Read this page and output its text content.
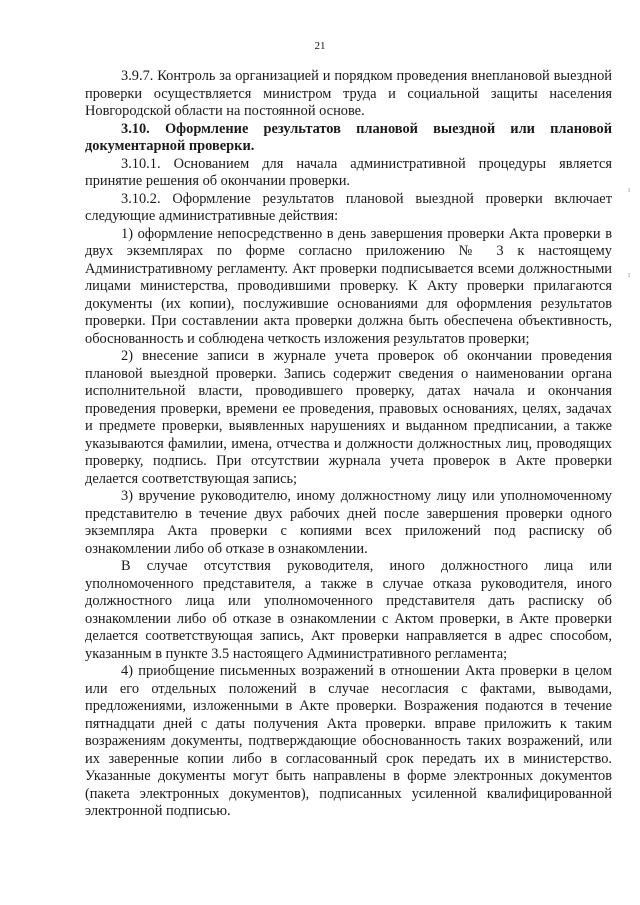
21

3.9.7. Контроль за организацией и порядком проведения внеплановой выездной проверки осуществляется министром труда и социальной защиты населения Новгородской области на постоянной основе.

3.10. Оформление результатов плановой выездной или плановой документарной проверки.

3.10.1. Основанием для начала административной процедуры является принятие решения об окончании проверки.

3.10.2. Оформление результатов плановой выездной проверки включает следующие административные действия:

1) оформление непосредственно в день завершения проверки Акта проверки в двух экземплярах по форме согласно приложению № 3 к настоящему Административному регламенту. Акт проверки подписывается всеми должностными лицами министерства, проводившими проверку. К Акту проверки прилагаются документы (их копии), послужившие основаниями для оформления результатов проверки. При составлении акта проверки должна быть обеспечена объективность, обоснованность и соблюдена четкость изложения результатов проверки;

2) внесение записи в журнале учета проверок об окончании проведения плановой выездной проверки. Запись содержит сведения о наименовании органа исполнительной власти, проводившего проверку, датах начала и окончания проведения проверки, времени ее проведения, правовых основаниях, целях, задачах и предмете проверки, выявленных нарушениях и выданном предписании, а также указываются фамилии, имена, отчества и должности должностных лиц, проводящих проверку, подпись. При отсутствии журнала учета проверок в Акте проверки делается соответствующая запись;

3) вручение руководителю, иному должностному лицу или уполномоченному представителю в течение двух рабочих дней после завершения проверки одного экземпляра Акта проверки с копиями всех приложений под расписку об ознакомлении либо об отказе в ознакомлении.

В случае отсутствия руководителя, иного должностного лица или уполномоченного представителя, а также в случае отказа руководителя, иного должностного лица или уполномоченного представителя дать расписку об ознакомлении либо об отказе в ознакомлении с Актом проверки, в Акте проверки делается соответствующая запись, Акт проверки направляется в адрес способом, указанным в пункте 3.5 настоящего Административного регламента;

4) приобщение письменных возражений в отношении Акта проверки в целом или его отдельных положений в случае несогласия с фактами, выводами, предложениями, изложенными в Акте проверки. Возражения подаются в течение пятнадцати дней с даты получения Акта проверки. вправе приложить к таким возражениям документы, подтверждающие обоснованность таких возражений, или их заверенные копии либо в согласованный срок передать их в министерство. Указанные документы могут быть направлены в форме электронных документов (пакета электронных документов), подписанных усиленной квалифицированной электронной подписью.

ı
ı
